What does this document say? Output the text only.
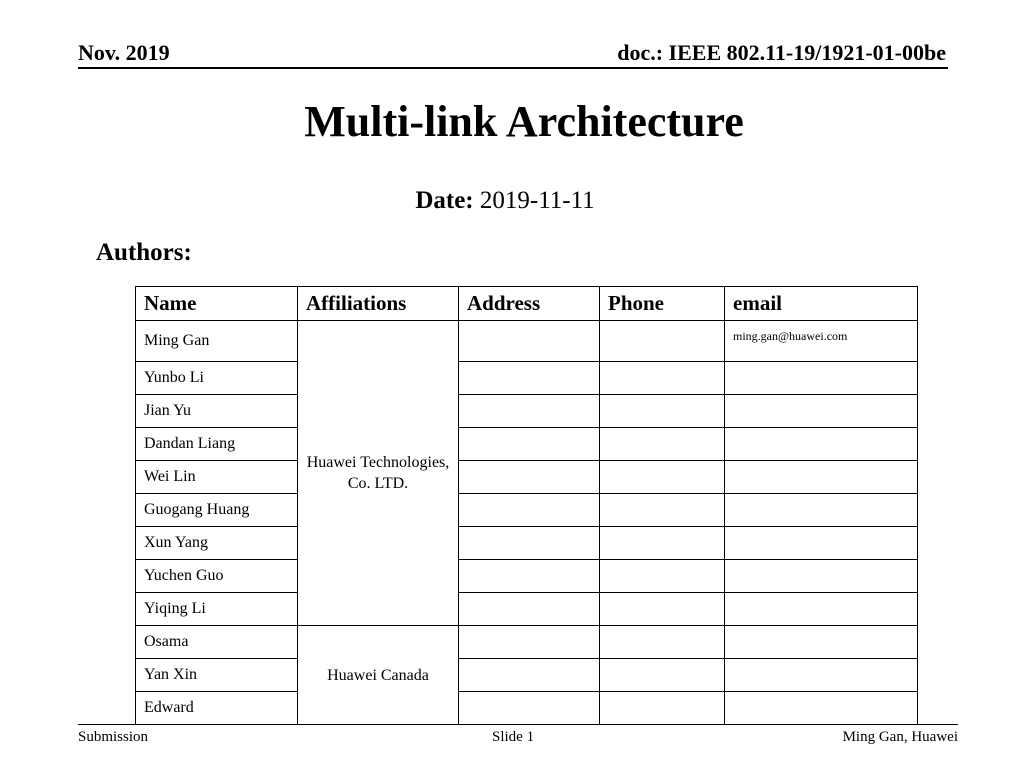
Nov. 2019	doc.: IEEE 802.11-19/1921-01-00be
Multi-link Architecture
Date: 2019-11-11
Authors:
Name	Affiliations	Address	Phone	email
Ming Gan	Huawei Technologies, Co. LTD.			ming.gan@huawei.com
Yunbo Li				
Jian Yu				
Dandan Liang				
Wei Lin				
Guogang Huang				
Xun Yang				
Yuchen Guo				
Yiqing Li				
Osama	Huawei Canada			
Yan Xin				
Edward				
Submission	Slide 1	Ming Gan, Huawei
